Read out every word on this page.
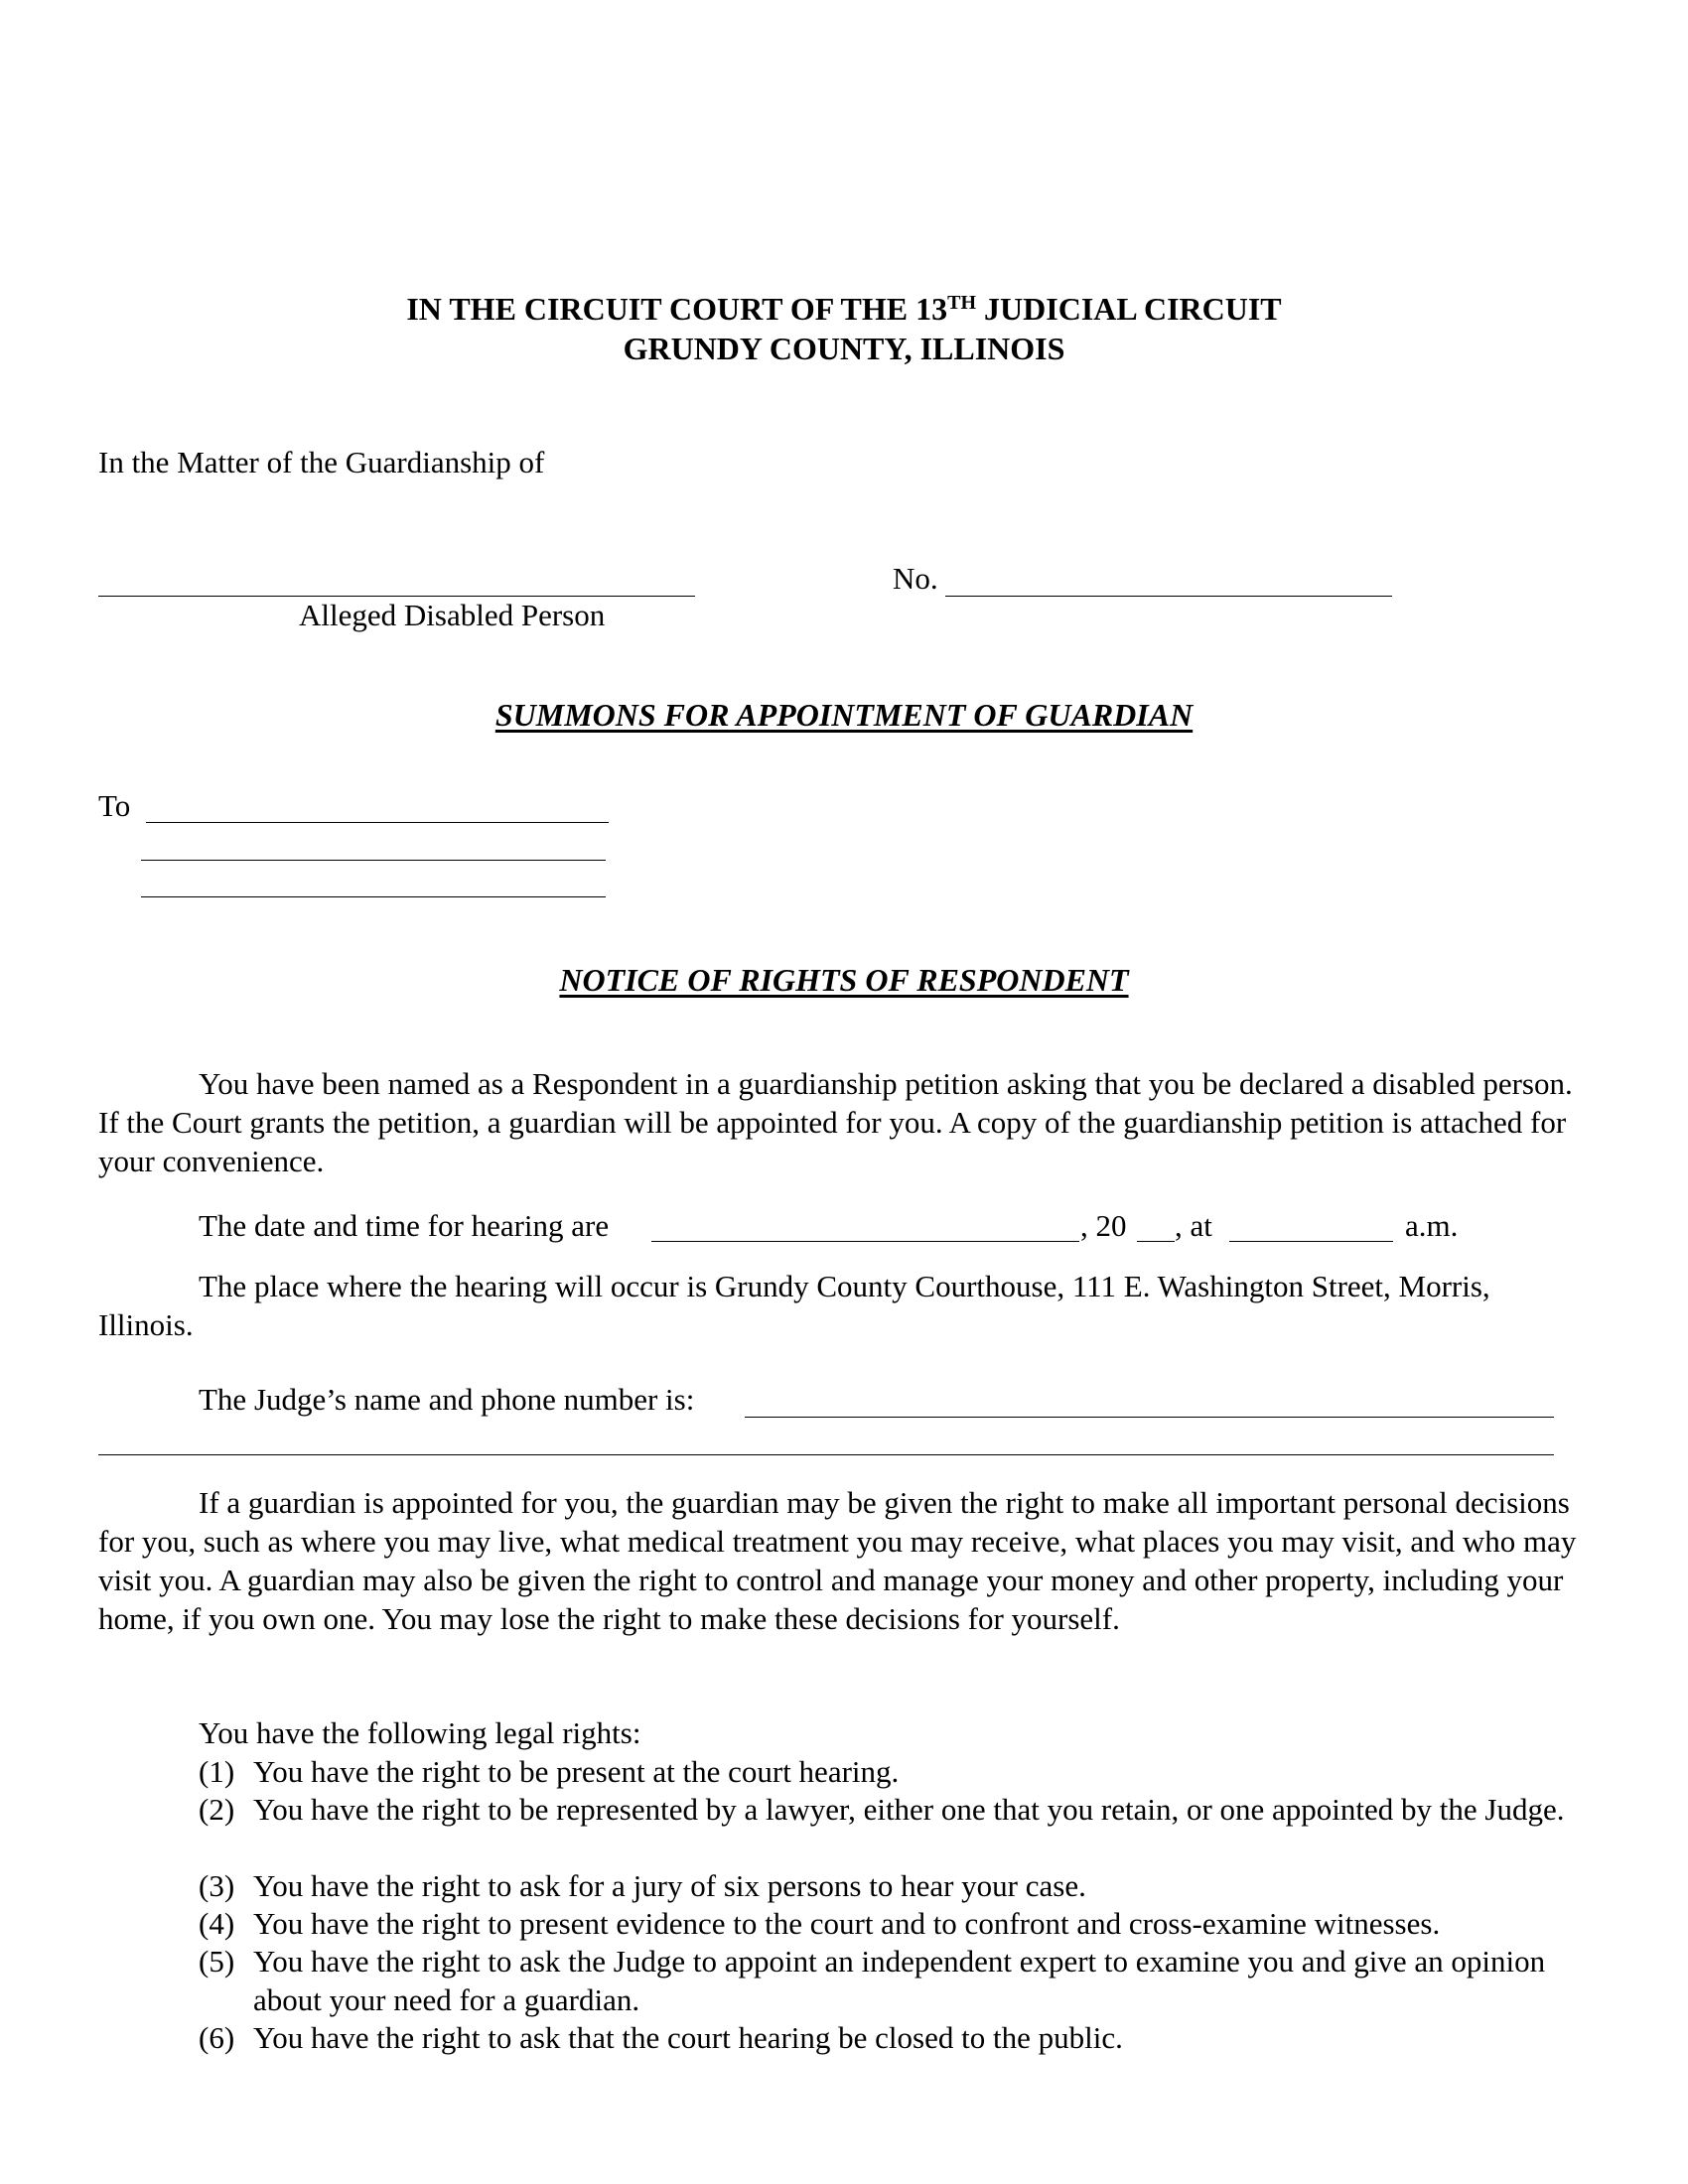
IN THE CIRCUIT COURT OF THE 13TH JUDICIAL CIRCUIT
GRUNDY COUNTY, ILLINOIS
In the Matter of the Guardianship of
Alleged Disabled Person
No.
SUMMONS FOR APPOINTMENT OF GUARDIAN
To
NOTICE OF RIGHTS OF RESPONDENT
You have been named as a Respondent in a guardianship petition asking that you be declared a disabled person. If the Court grants the petition, a guardian will be appointed for you. A copy of the guardianship petition is attached for your convenience.
The date and time for hearing are	, 20 , at	a.m.
The place where the hearing will occur is Grundy County Courthouse, 111 E. Washington Street, Morris, Illinois.
The Judge’s name and phone number is:
If a guardian is appointed for you, the guardian may be given the right to make all important personal decisions for you, such as where you may live, what medical treatment you may receive, what places you may visit, and who may visit you. A guardian may also be given the right to control and manage your money and other property, including your home, if you own one. You may lose the right to make these decisions for yourself.
You have the following legal rights:
(1) You have the right to be present at the court hearing.
(2) You have the right to be represented by a lawyer, either one that you retain, or one appointed by the Judge.
(3) You have the right to ask for a jury of six persons to hear your case.
(4) You have the right to present evidence to the court and to confront and cross-examine witnesses.
(5) You have the right to ask the Judge to appoint an independent expert to examine you and give an opinion about your need for a guardian.
(6) You have the right to ask that the court hearing be closed to the public.
